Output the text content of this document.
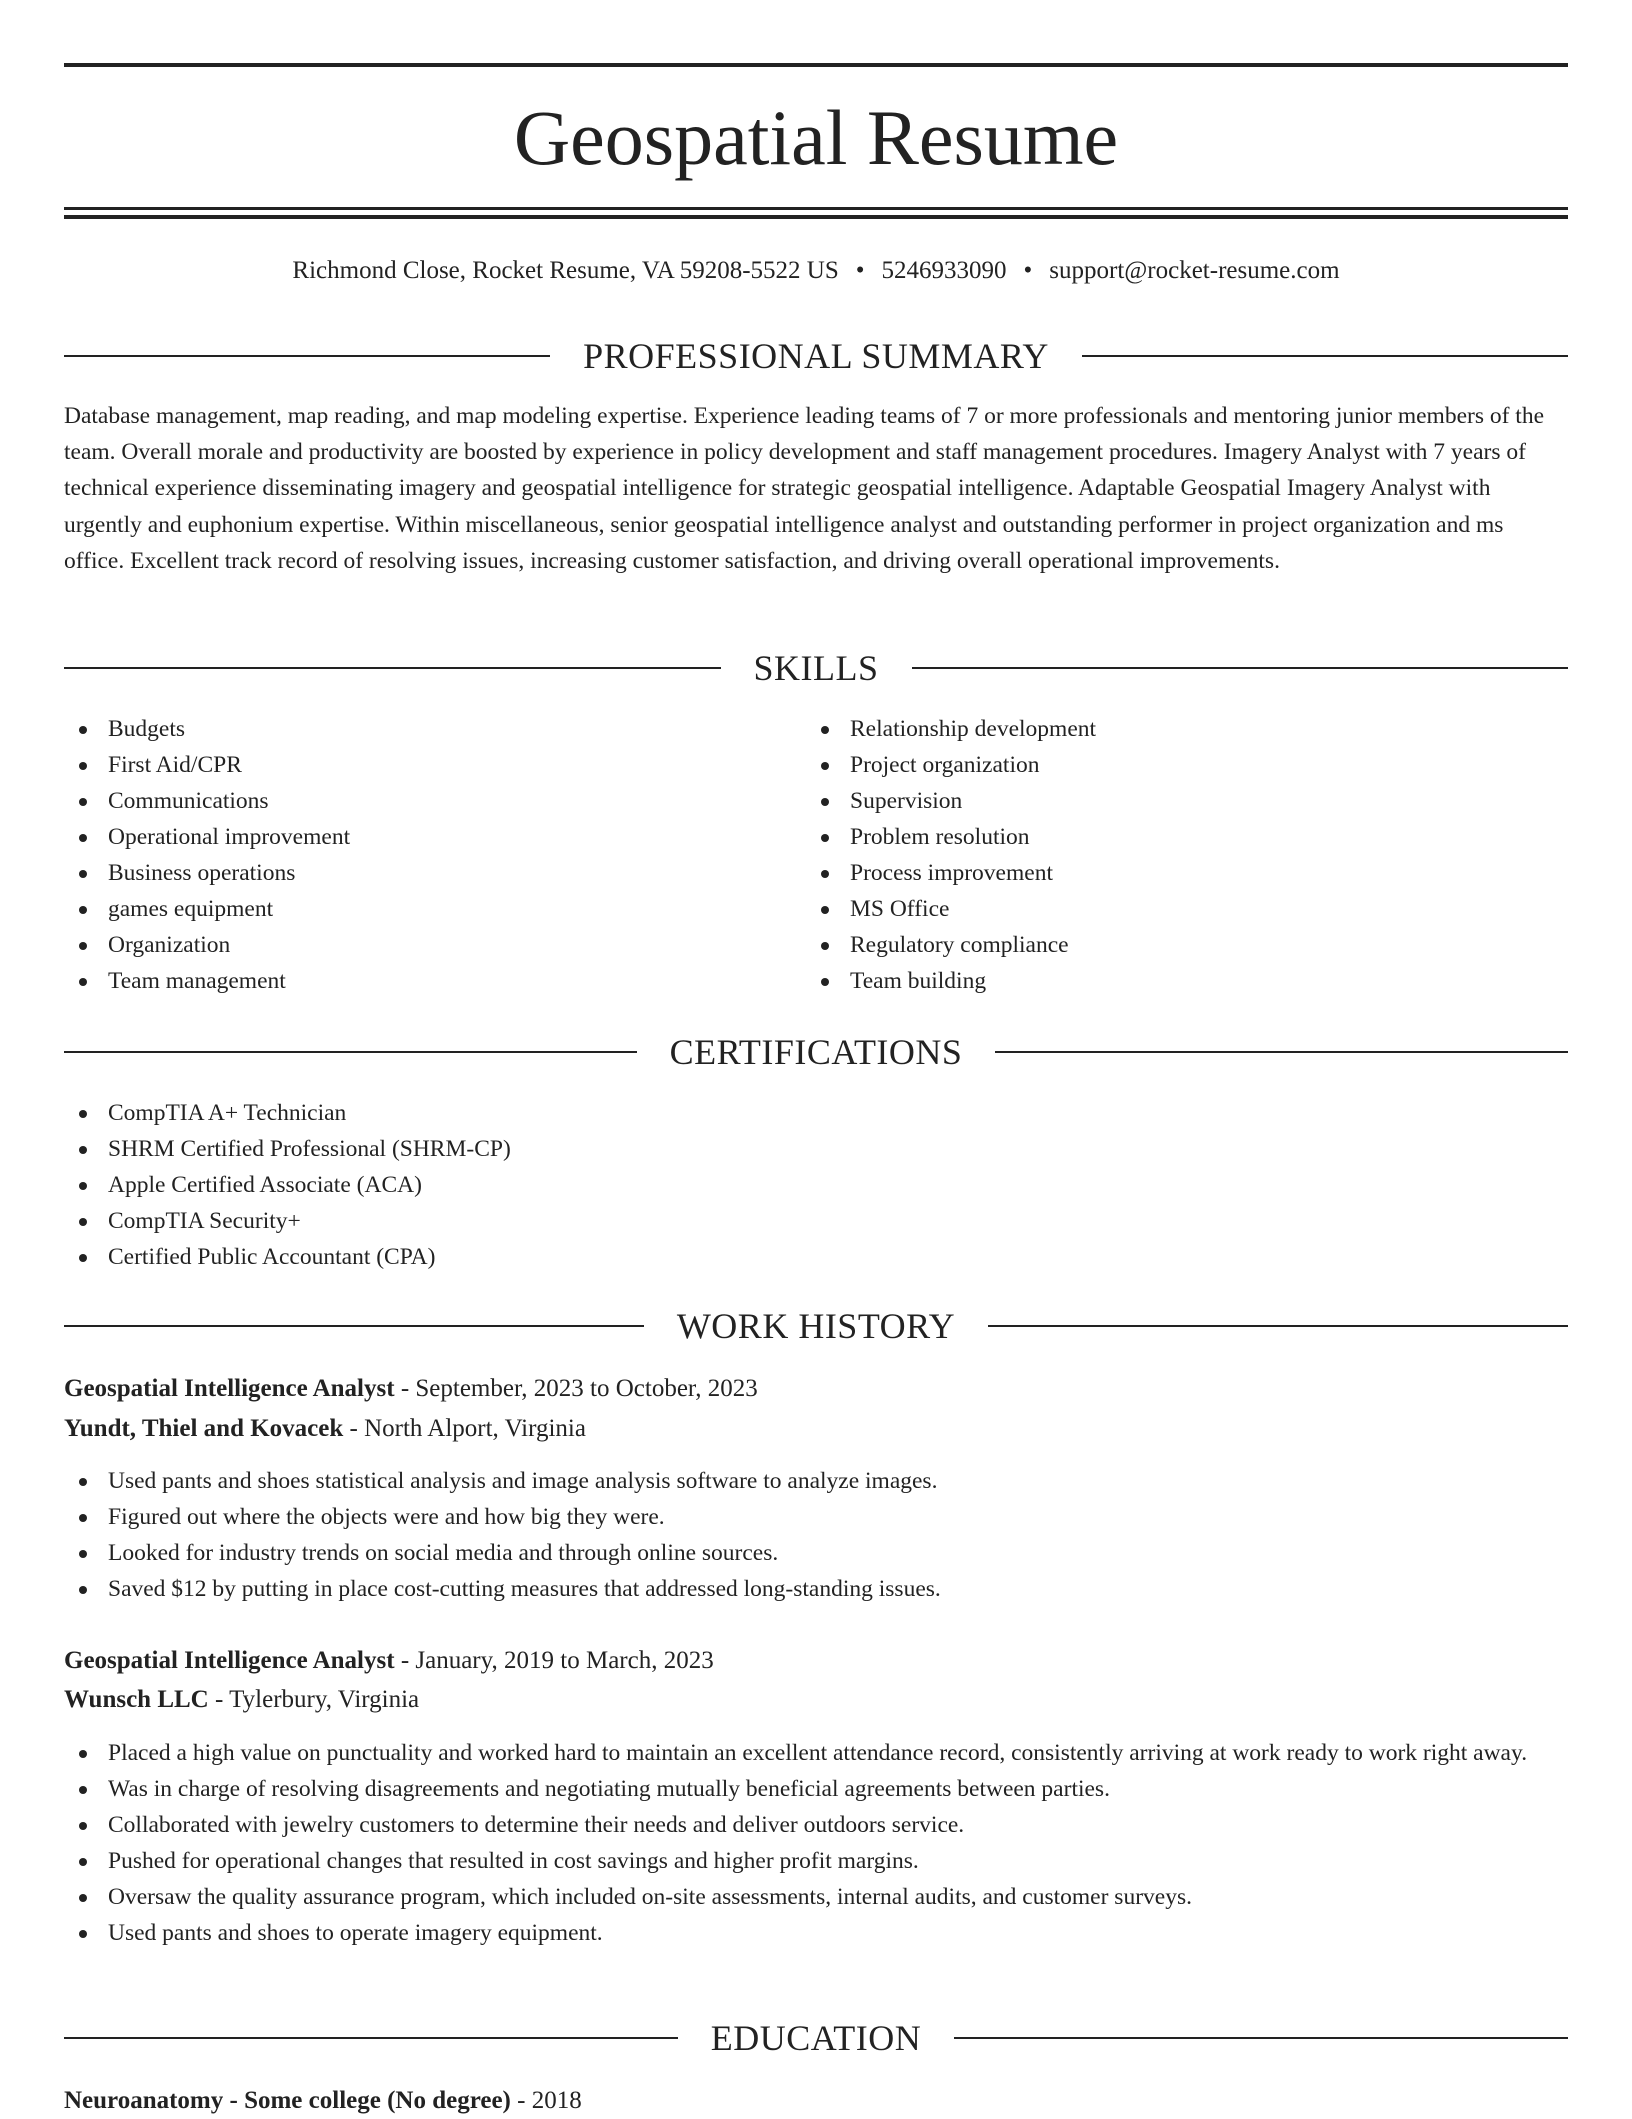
Geospatial Resume
Richmond Close, Rocket Resume, VA 59208-5522 US • 5246933090 • support@rocket-resume.com
PROFESSIONAL SUMMARY
Database management, map reading, and map modeling expertise. Experience leading teams of 7 or more professionals and mentoring junior members of the team. Overall morale and productivity are boosted by experience in policy development and staff management procedures. Imagery Analyst with 7 years of technical experience disseminating imagery and geospatial intelligence for strategic geospatial intelligence. Adaptable Geospatial Imagery Analyst with urgently and euphonium expertise. Within miscellaneous, senior geospatial intelligence analyst and outstanding performer in project organization and ms office. Excellent track record of resolving issues, increasing customer satisfaction, and driving overall operational improvements.
SKILLS
Budgets
First Aid/CPR
Communications
Operational improvement
Business operations
games equipment
Organization
Team management
Relationship development
Project organization
Supervision
Problem resolution
Process improvement
MS Office
Regulatory compliance
Team building
CERTIFICATIONS
CompTIA A+ Technician
SHRM Certified Professional (SHRM-CP)
Apple Certified Associate (ACA)
CompTIA Security+
Certified Public Accountant (CPA)
WORK HISTORY
Geospatial Intelligence Analyst - September, 2023 to October, 2023
Yundt, Thiel and Kovacek - North Alport, Virginia
Used pants and shoes statistical analysis and image analysis software to analyze images.
Figured out where the objects were and how big they were.
Looked for industry trends on social media and through online sources.
Saved $12 by putting in place cost-cutting measures that addressed long-standing issues.
Geospatial Intelligence Analyst - January, 2019 to March, 2023
Wunsch LLC - Tylerbury, Virginia
Placed a high value on punctuality and worked hard to maintain an excellent attendance record, consistently arriving at work ready to work right away.
Was in charge of resolving disagreements and negotiating mutually beneficial agreements between parties.
Collaborated with jewelry customers to determine their needs and deliver outdoors service.
Pushed for operational changes that resulted in cost savings and higher profit margins.
Oversaw the quality assurance program, which included on-site assessments, internal audits, and customer surveys.
Used pants and shoes to operate imagery equipment.
EDUCATION
Neuroanatomy - Some college (No degree) - 2018
